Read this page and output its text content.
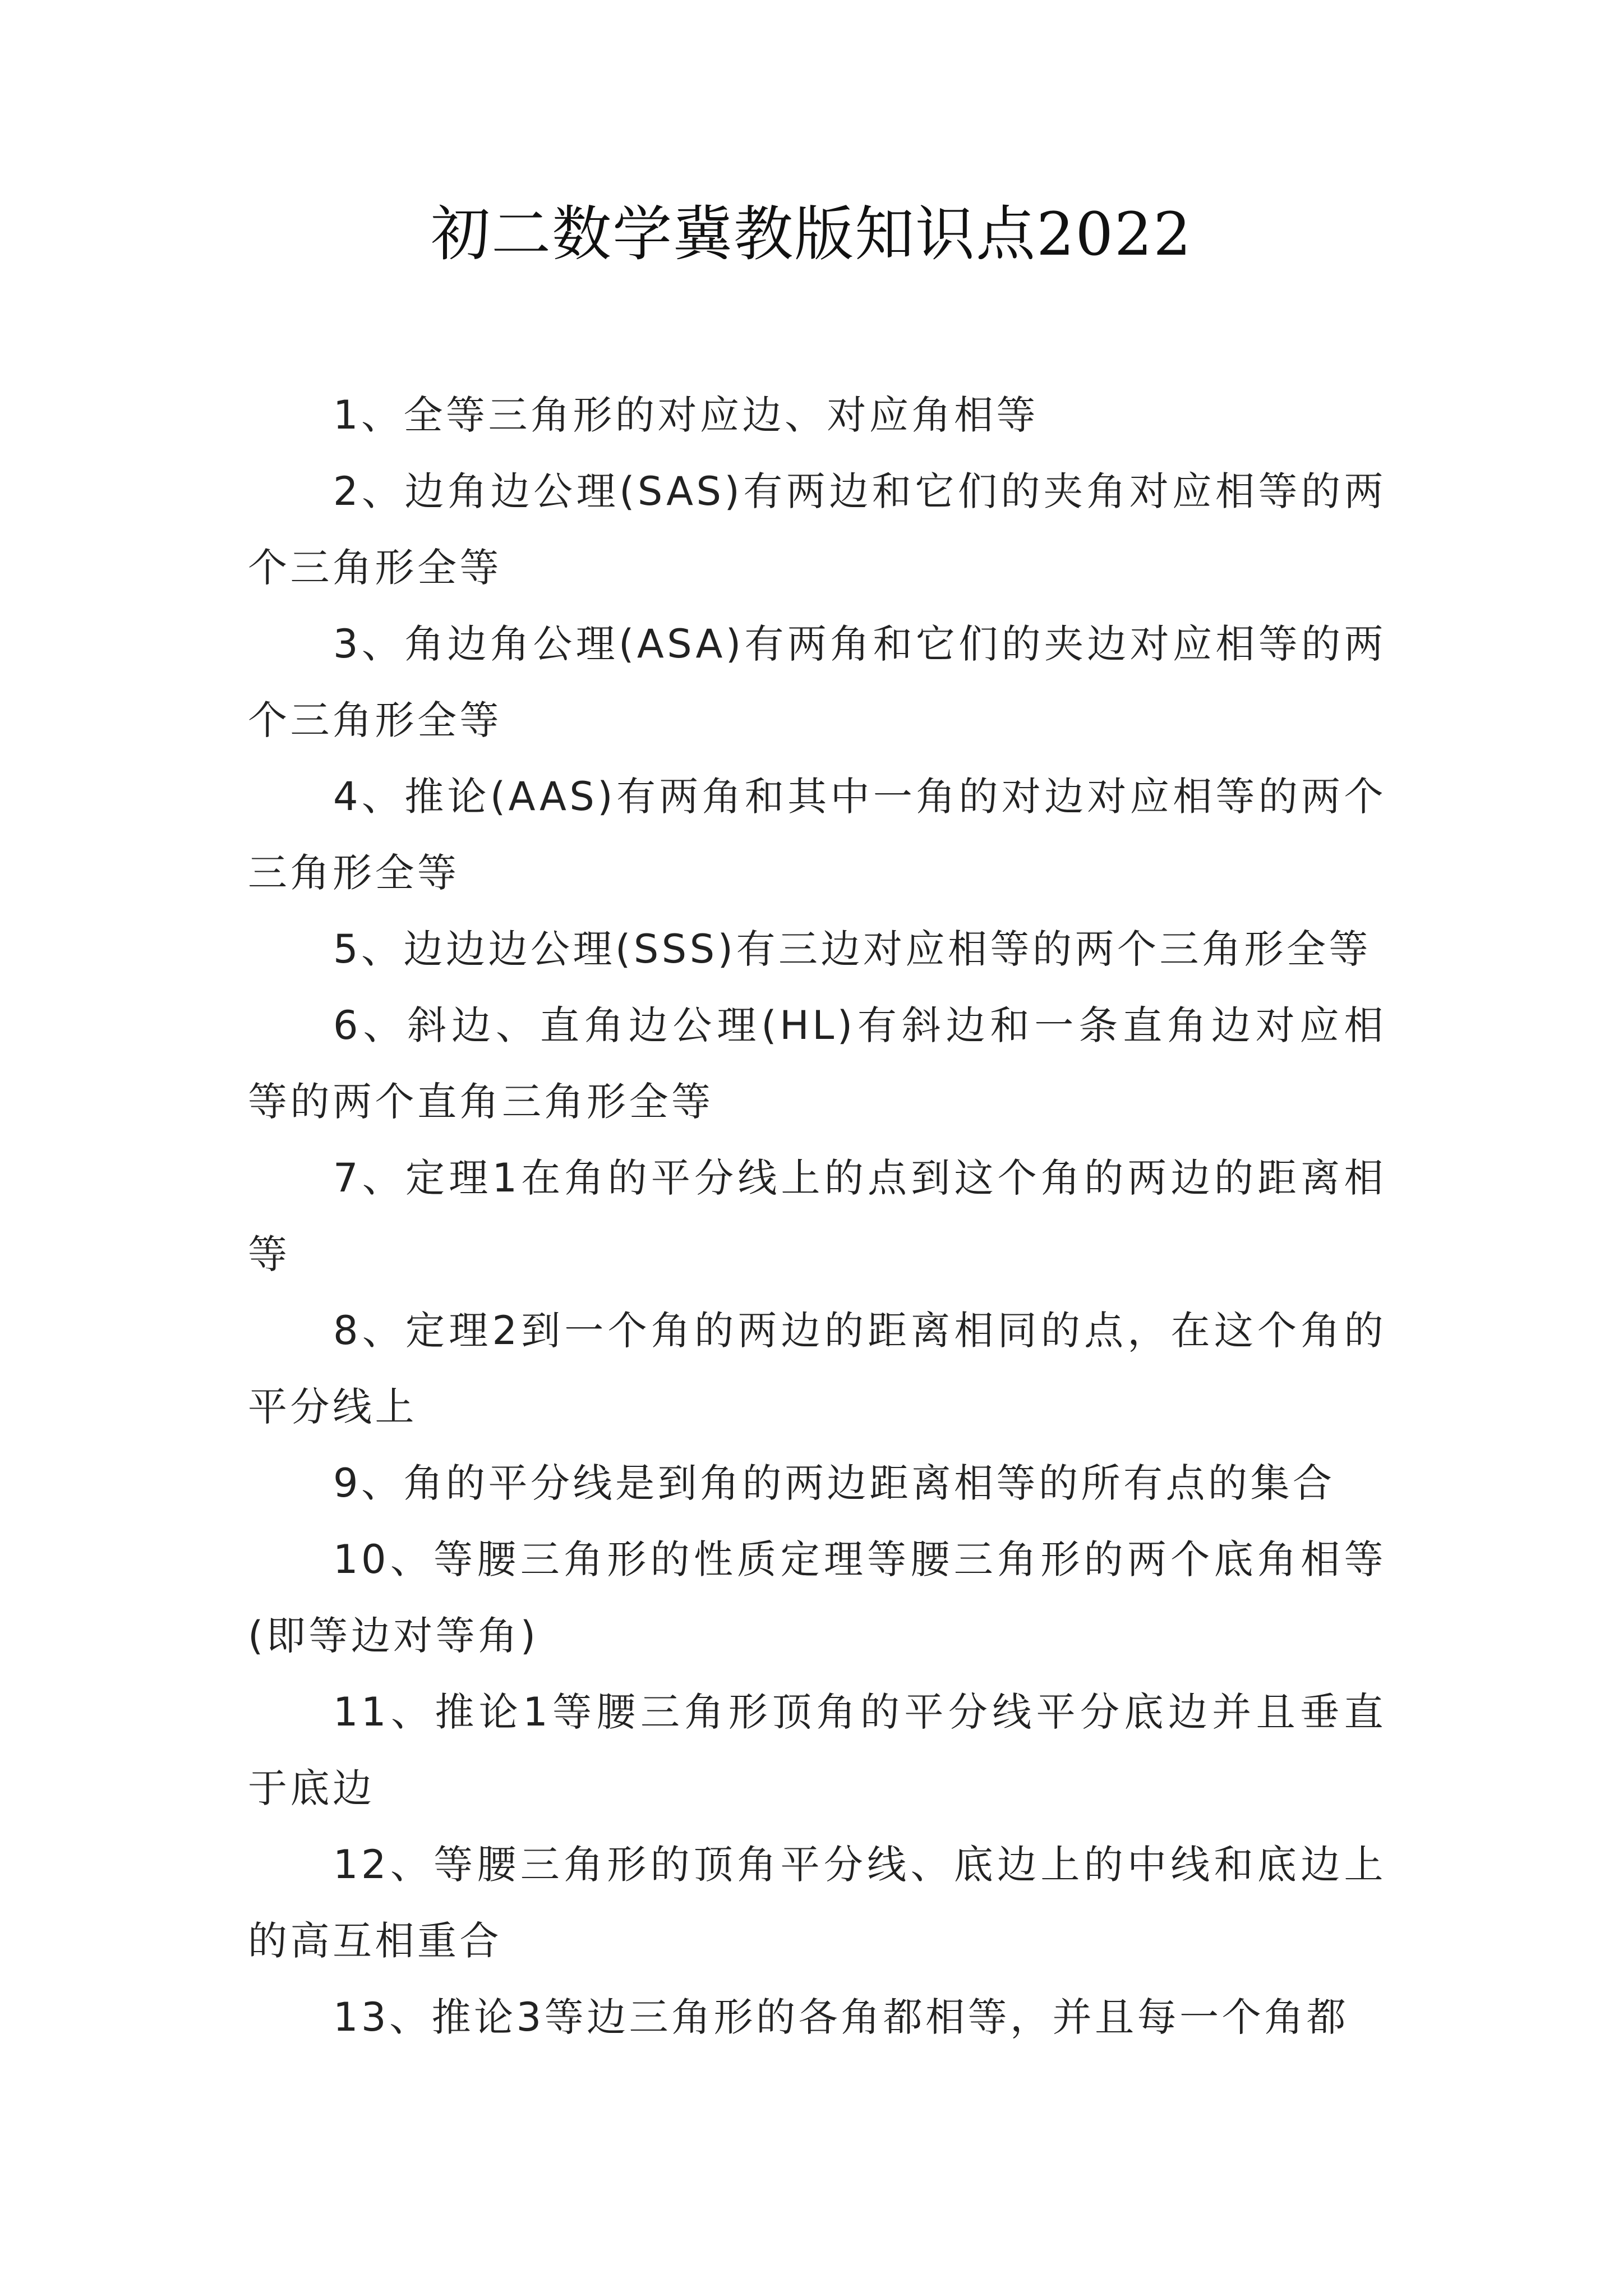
初二数学冀教版知识点2022

1、全等三角形的对应边、对应角相等

2、边角边公理(SAS)有两边和它们的夹角对应相等的两个三角形全等

3、角边角公理(ASA)有两角和它们的夹边对应相等的两个三角形全等

4、推论(AAS)有两角和其中一角的对边对应相等的两个三角形全等

5、边边边公理(SSS)有三边对应相等的两个三角形全等

6、斜边、直角边公理(HL)有斜边和一条直角边对应相等的两个直角三角形全等

7、定理1在角的平分线上的点到这个角的两边的距离相等

8、定理2到一个角的两边的距离相同的点，在这个角的平分线上

9、角的平分线是到角的两边距离相等的所有点的集合

10、等腰三角形的性质定理等腰三角形的两个底角相等(即等边对等角)

11、推论1等腰三角形顶角的平分线平分底边并且垂直于底边

12、等腰三角形的顶角平分线、底边上的中线和底边上的高互相重合

13、推论3等边三角形的各角都相等，并且每一个角都
